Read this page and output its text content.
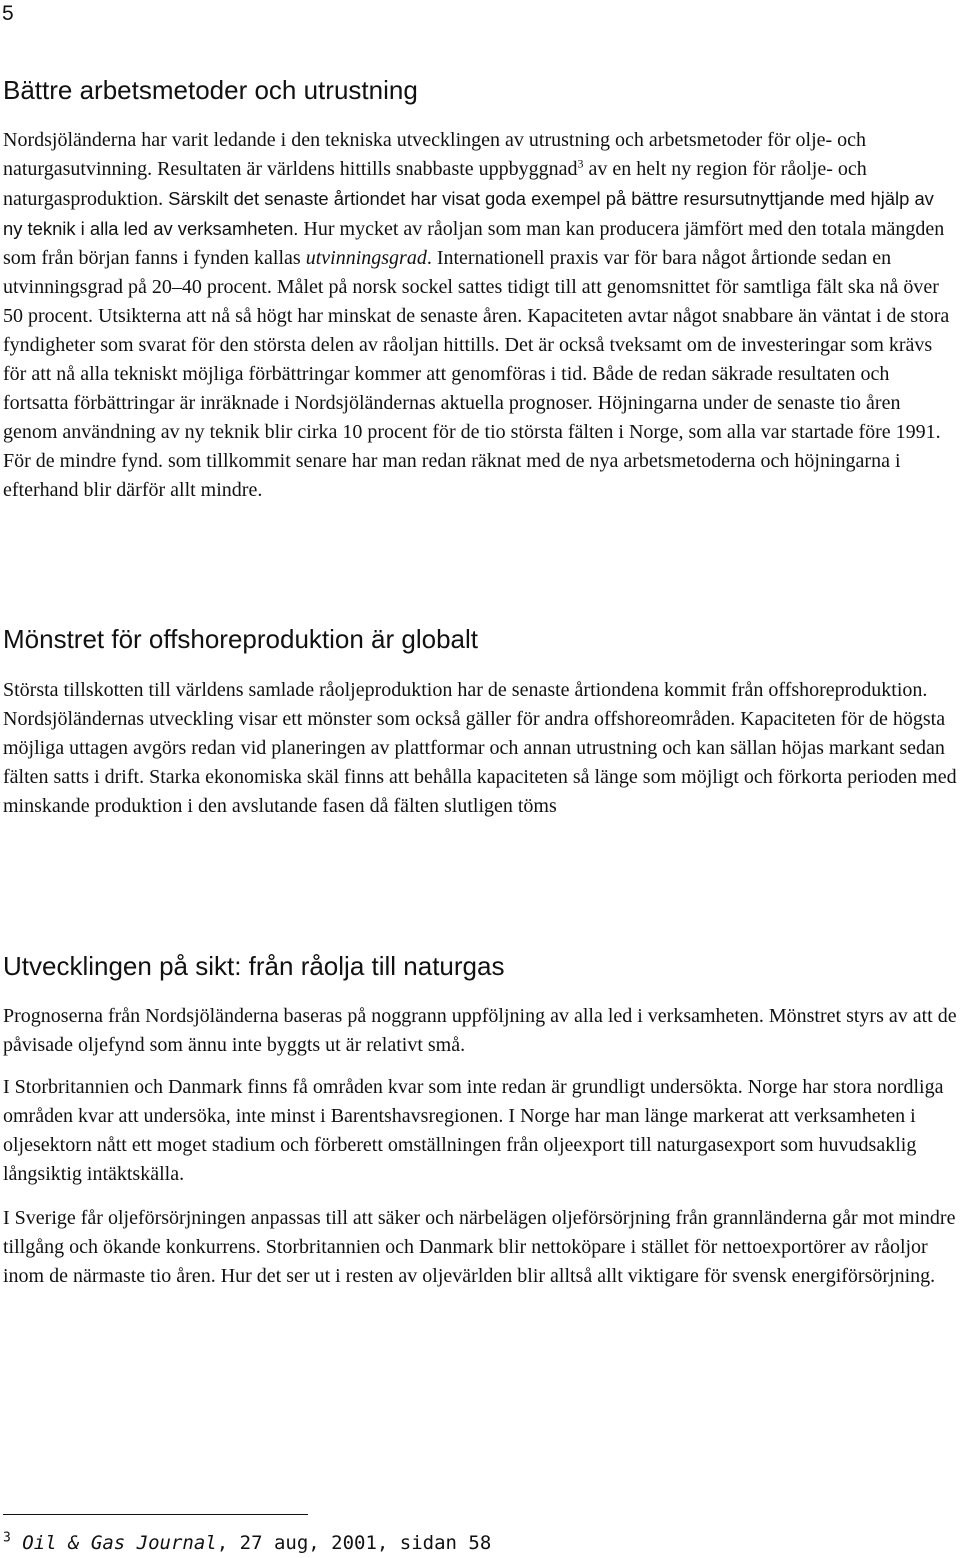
5
Bättre arbetsmetoder och utrustning

Nordsjöländerna har varit ledande i den tekniska utvecklingen av utrustning och arbetsmetoder för olje- och naturgasutvinning. Resultaten är världens hittills snabbaste uppbyggnad$^3$ av en helt ny region för råolje- och naturgasproduktion. Särskilt det senaste årtiondet har visat goda exempel på bättre resursutnyttjande med hjälp av ny teknik i alla led av verksamheten. Hur mycket av råoljan som man kan producera jämfört med den totala mängden som från början fanns i fynden kallas utvinningsgrad. Internationell praxis var för bara något årtionde sedan en utvinningsgrad på 20–40 procent. Målet på norsk sockel sattes tidigt till att genomsnittet för samtliga fält ska nå över 50 procent. Utsikterna att nå så högt har minskat de senaste åren. Kapaciteten avtar något snabbare än väntat i de stora fyndigheter som svarat för den största delen av råoljan hittills. Det är också tveksamt om de investeringar som krävs för att nå alla tekniskt möjliga förbättringar kommer att genomföras i tid. Både de redan säkrade resultaten och fortsatta förbättringar är inräknade i Nordsjöländernas aktuella prognoser. Höjningarna under de senaste tio åren genom användning av ny teknik blir cirka 10 procent för de tio största fälten i Norge, som alla var startade före 1991. För de mindre fynd. som tillkommit senare har man redan räknat med de nya arbetsmetoderna och höjningarna i efterhand blir därför allt mindre.

Mönstret för offshoreproduktion är globalt

Största tillskotten till världens samlade råoljeproduktion har de senaste årtiondena kommit från offshoreproduktion. Nordsjöländernas utveckling visar ett mönster som också gäller för andra offshoreområden. Kapaciteten för de högsta möjliga uttagen avgörs redan vid planeringen av plattformar och annan utrustning och kan sällan höjas markant sedan fälten satts i drift. Starka ekonomiska skäl finns att behålla kapaciteten så länge som möjligt och förkorta perioden med minskande produktion i den avslutande fasen då fälten slutligen töms

Utvecklingen på sikt: från råolja till naturgas

Prognoserna från Nordsjöländerna baseras på noggrann uppföljning av alla led i verksamheten. Mönstret styrs av att de påvisade oljefynd som ännu inte byggts ut är relativt små.

I Storbritannien och Danmark finns få områden kvar som inte redan är grundligt undersökta. Norge har stora nordliga områden kvar att undersöka, inte minst i Barentshavsregionen. I Norge har man länge markerat att verksamheten i oljesektorn nått ett moget stadium och förberett omställningen från oljeexport till naturgasexport som huvudsaklig långsiktig intäktskälla.

I Sverige får oljeförsörjningen anpassas till att säker och närbelägen oljeförsörjning från grannländerna går mot mindre tillgång och ökande konkurrens. Storbritannien och Danmark blir nettoköpare i stället för nettoexportörer av råoljor inom de närmaste tio åren. Hur det ser ut i resten av oljevärlden blir alltså allt viktigare för svensk energiförsörjning.

$^3$ Oil & Gas Journal, 27 aug, 2001, sidan 58
